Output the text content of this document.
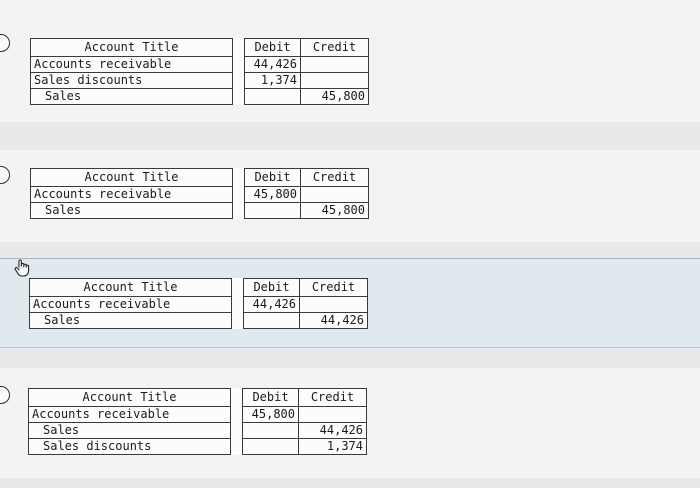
Account Title		Debit	Credit
Accounts receivable		44,426	
Sales discounts		1,374	
Sales			45,800
Account Title		Debit	Credit
Accounts receivable		45,800	
Sales			45,800
Account Title		Debit	Credit
Accounts receivable		44,426	
Sales			44,426
Account Title		Debit	Credit
Accounts receivable		45,800	
Sales			44,426
Sales discounts			1,374
